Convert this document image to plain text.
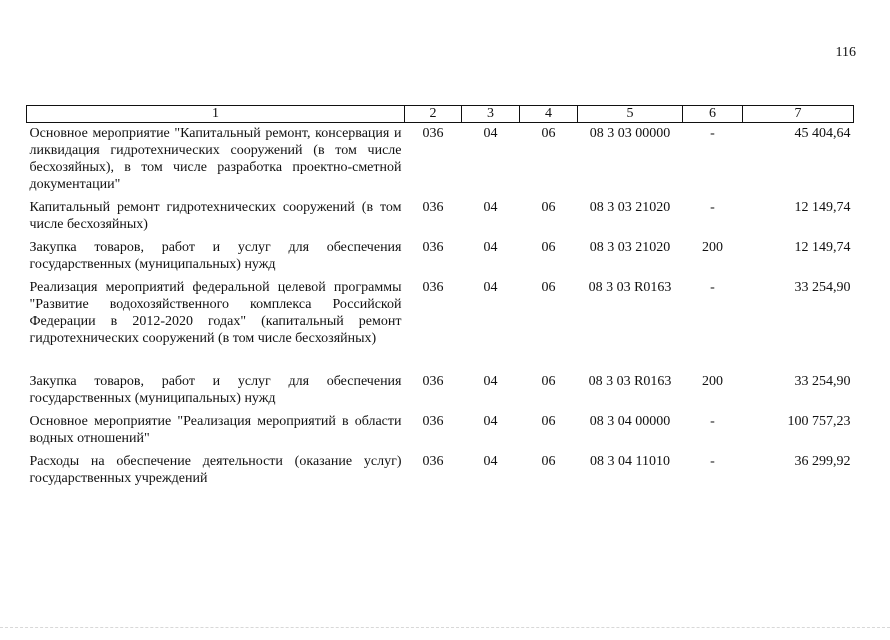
116
1	2	3	4	5	6	7
Основное мероприятие "Капитальный ремонт, консервация и ликвидация гидротехнических сооружений (в том числе бесхозяйных), в том числе разработка проектно-сметной документации"	036	04	06	08 3 03 00000	-	45 404,64
Капитальный ремонт гидротехнических сооружений (в том числе бесхозяйных)	036	04	06	08 3 03 21020	-	12 149,74
Закупка товаров, работ и услуг для обеспечения государственных (муниципальных) нужд	036	04	06	08 3 03 21020	200	12 149,74
Реализация мероприятий федеральной целевой программы "Развитие водохозяйственного комплекса Российской Федерации в 2012-2020 годах" (капитальный ремонт гидротехнических сооружений (в том числе бесхозяйных)	036	04	06	08 3 03 R0163	-	33 254,90

Закупка товаров, работ и услуг для обеспечения государственных (муниципальных) нужд	036	04	06	08 3 03 R0163	200	33 254,90
Основное мероприятие "Реализация мероприятий в области водных отношений"	036	04	06	08 3 04 00000	-	100 757,23
Расходы на обеспечение деятельности (оказание услуг) государственных учреждений	036	04	06	08 3 04 11010	-	36 299,92
